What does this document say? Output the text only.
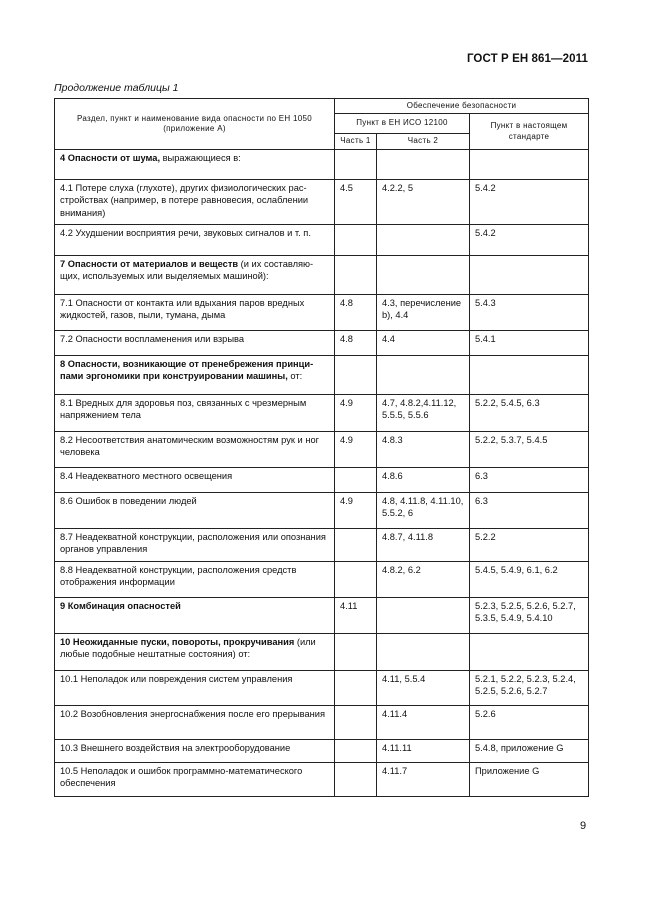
ГОСТ Р ЕН 861—2011
Продолжение таблицы 1
Раздел, пункт и наименование вида опасности по ЕН 1050 (приложение А)	Обеспечение безопасности		
	Пункт в ЕН ИСО 12100		Пункт в настоящем стандарте
	Часть 1	Часть 2	
4 Опасности от шума, выражающиеся в:			
4.1 Потере слуха (глухоте), других физиологических расстройствах (например, в потере равновесия, ослаблении внимания)	4.5	4.2.2, 5	5.4.2
4.2 Ухудшении восприятия речи, звуковых сигналов и т. п.			5.4.2
7 Опасности от материалов и веществ (и их составляющих, используемых или выделяемых машиной):			
7.1 Опасности от контакта или вдыхания паров вредных жидкостей, газов, пыли, тумана, дыма	4.8	4.3, перечисление b), 4.4	5.4.3
7.2 Опасности воспламенения или взрыва	4.8	4.4	5.4.1
8 Опасности, возникающие от пренебрежения принципами эргономики при конструировании машины, от:			
8.1 Вредных для здоровья поз, связанных с чрезмерным напряжением тела	4.9	4.7, 4.8.2,4.11.12, 5.5.5, 5.5.6	5.2.2, 5.4.5, 6.3
8.2 Несоответствия анатомическим возможностям рук и ног человека	4.9	4.8.3	5.2.2, 5.3.7, 5.4.5
8.4 Неадекватного местного освещения		4.8.6	6.3
8.6 Ошибок в поведении людей	4.9	4.8, 4.11.8, 4.11.10, 5.5.2, 6	6.3
8.7 Неадекватной конструкции, расположения или опознания органов управления		4.8.7, 4.11.8	5.2.2
8.8 Неадекватной конструкции, расположения средств отображения информации		4.8.2, 6.2	5.4.5, 5.4.9, 6.1, 6.2
9 Комбинация опасностей	4.11		5.2.3, 5.2.5, 5.2.6, 5.2.7, 5.3.5, 5.4.9, 5.4.10
10 Неожиданные пуски, повороты, прокручивания (или любые подобные нештатные состояния) от:			
10.1 Неполадок или повреждения систем управления		4.11, 5.5.4	5.2.1, 5.2.2, 5.2.3, 5.2.4, 5.2.5, 5.2.6, 5.2.7
10.2 Возобновления энергоснабжения после его прерывания		4.11.4	5.2.6
10.3 Внешнего воздействия на электрооборудование		4.11.11	5.4.8, приложение G
10.5 Неполадок и ошибок программно-математического обеспечения		4.11.7	Приложение G
9
